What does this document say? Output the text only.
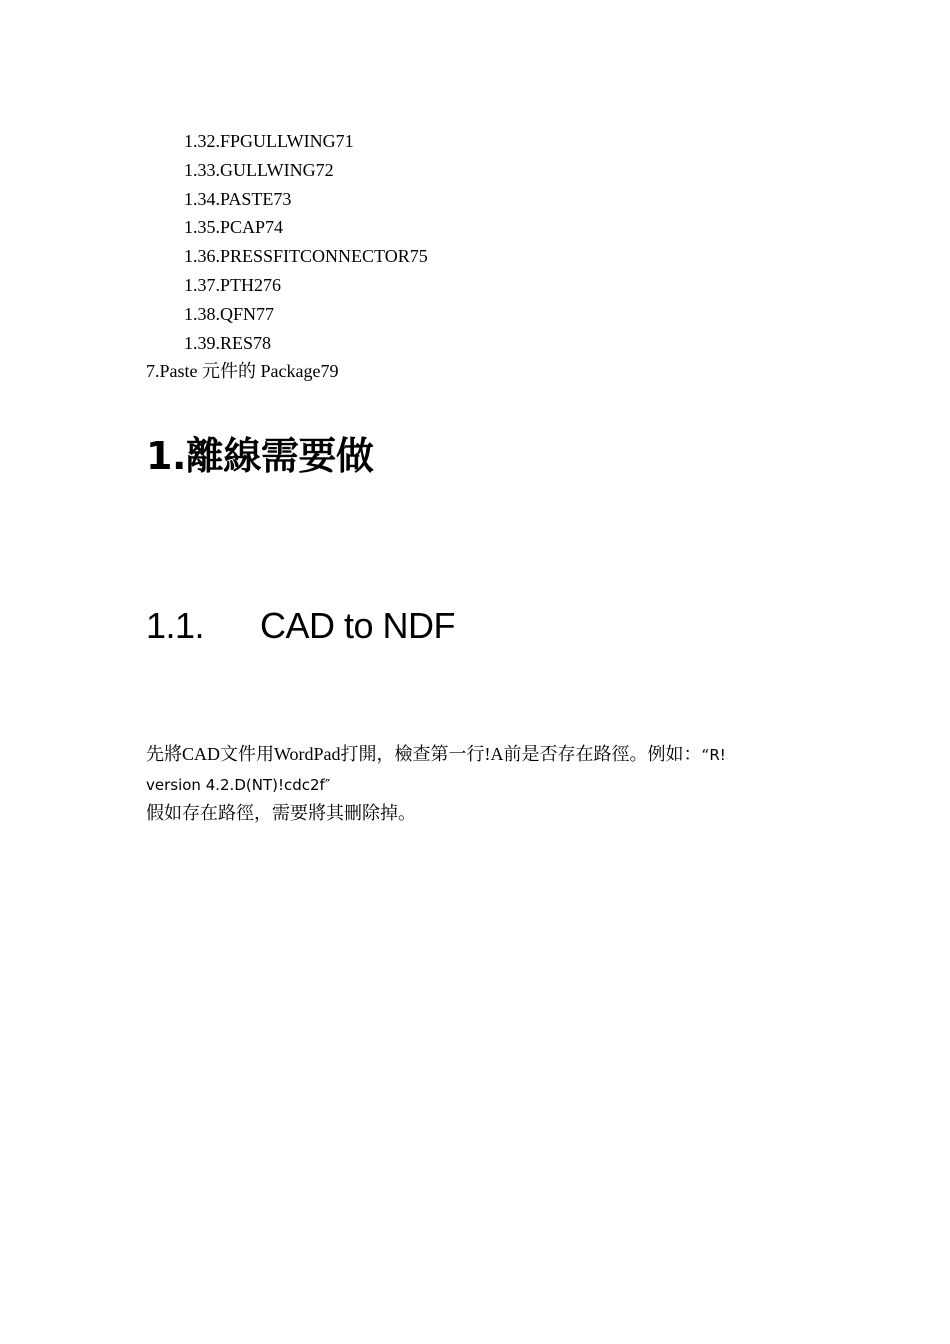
1.32.FPGULLWING71
1.33.GULLWING72
1.34.PASTE73
1.35.PCAP74
1.36.PRESSFITCONNECTOR75
1.37.PTH276
1.38.QFN77
1.39.RES78
7.Paste 元件的 Package79
1.離線需要做
1.1.	CAD to NDF

先將CAD文件用WordPad打開，檢查第一行!A前是否存在路徑。例如：“R!
version 4.2.D(NT)!cdc2f″

假如存在路徑，需要將其刪除掉。
